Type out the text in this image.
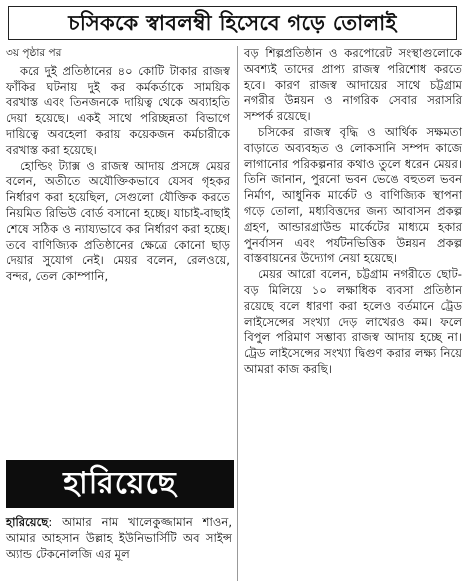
চসিককে স্বাবলম্বী হিসেবে গড়ে তোলাই
৩য় পৃষ্ঠার পর

করে দুই প্রতিষ্ঠানের ৪০ কোটি টাকার রাজস্ব ফাঁকির ঘটনায় দুই কর কর্মকর্তাকে সাময়িক বরখাস্ত এবং তিনজনকে দায়িত্ব থেকে অব্যাহতি দেয়া হয়েছে। একই সাথে পরিচ্ছন্নতা বিভাগে দায়িত্বে অবহেলা করায় কয়েকজন কর্মচারীকে বরখাস্ত করা হয়েছে।

হোল্ডিং ট্যাক্স ও রাজস্ব আদায় প্রসঙ্গে মেয়র বলেন, অতীতে অযৌক্তিকভাবে যেসব গৃহকর নির্ধারণ করা হয়েছিল, সেগুলো যৌক্তিক করতে নিয়মিত রিভিউ বোর্ড বসানো হচ্ছে। যাচাই-বাছাই শেষে সঠিক ও ন্যায্যভাবে কর নির্ধারণ করা হচ্ছে। তবে বাণিজ্যিক প্রতিষ্ঠানের ক্ষেত্রে কোনো ছাড় দেয়ার সুযোগ নেই। মেয়র বলেন, রেলওয়ে, বন্দর, তেল কোম্পানি,

বড় শিল্পপ্রতিষ্ঠান ও করপোরেট সংস্থাগুলোকে অবশ্যই তাদের প্রাপ্য রাজস্ব পরিশোধ করতে হবে। কারণ রাজস্ব আদায়ের সাথে চট্টগ্রাম নগরীর উন্নয়ন ও নাগরিক সেবার সরাসরি সম্পর্ক রয়েছে।

চসিকের রাজস্ব বৃদ্ধি ও আর্থিক সক্ষমতা বাড়াতে অব্যবহৃত ও লোকসানি সম্পদ কাজে লাগানোর পরিকল্পনার কথাও তুলে ধরেন মেয়র। তিনি জানান, পুরনো ভবন ভেঙে বহুতল ভবন নির্মাণ, আধুনিক মার্কেট ও বাণিজ্যিক স্থাপনা গড়ে তোলা, মধ্যবিত্তদের জন্য আবাসন প্রকল্প গ্রহণ, আন্ডারগ্রাউন্ড মার্কেটের মাধ্যমে হকার পুনর্বাসন এবং পর্যটনভিত্তিক উন্নয়ন প্রকল্প বাস্তবায়নের উদ্যোগ নেয়া হয়েছে।

মেয়র আরো বলেন, চট্টগ্রাম নগরীতে ছোট-বড় মিলিয়ে ১০ লক্ষাধিক ব্যবসা প্রতিষ্ঠান রয়েছে বলে ধারণা করা হলেও বর্তমানে ট্রেড লাইসেন্সের সংখ্যা দেড় লাখেরও কম। ফলে বিপুল পরিমাণ সম্ভাব্য রাজস্ব আদায় হচ্ছে না। ট্রেড লাইসেন্সের সংখ্যা দ্বিগুণ করার লক্ষ্য নিয়ে আমরা কাজ করছি।

হারিয়েছে
হারিয়েছে: আমার নাম খালেকুজ্জামান শাওন, আমার আহসান উল্লাহ ইউনিভার্সিটি অব সাইন্স অ্যান্ড টেকনোলজি এর মূল
